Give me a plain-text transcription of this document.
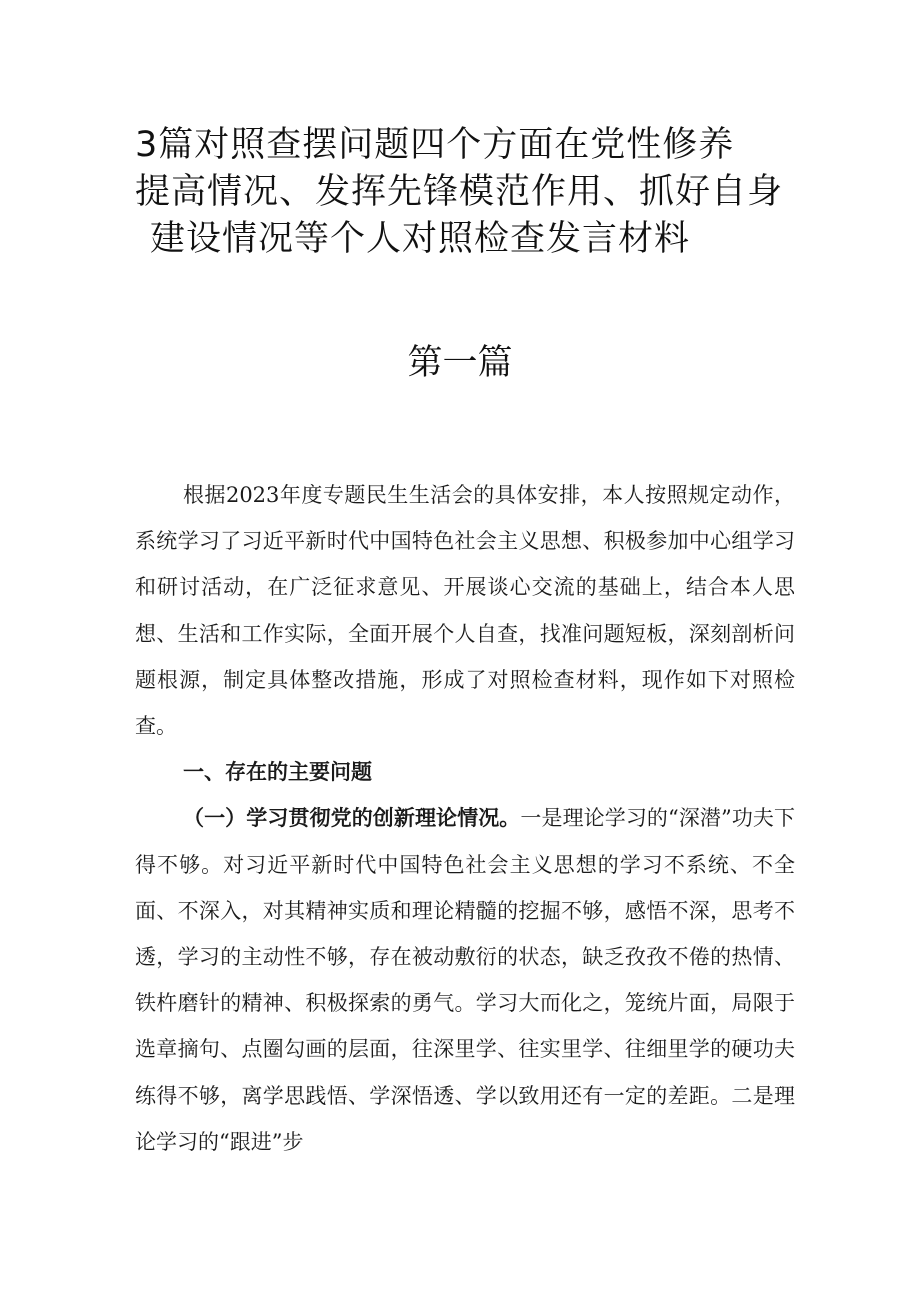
3篇对照查摆问题四个方面在党性修养
提高情况、发挥先锋模范作用、抓好自身
建设情况等个人对照检查发言材料
第一篇

根据2023年度专题民生生活会的具体安排，本人按照规定动作，系统学习了习近平新时代中国特色社会主义思想、积极参加中心组学习和研讨活动，在广泛征求意见、开展谈心交流的基础上，结合本人思想、生活和工作实际，全面开展个人自查，找准问题短板，深刻剖析问题根源，制定具体整改措施，形成了对照检查材料，现作如下对照检查。

一、存在的主要问题

（一）学习贯彻党的创新理论情况。一是理论学习的“深潜”功夫下得不够。对习近平新时代中国特色社会主义思想的学习不系统、不全面、不深入，对其精神实质和理论精髓的挖掘不够，感悟不深，思考不透，学习的主动性不够，存在被动敷衍的状态，缺乏孜孜不倦的热情、铁杵磨针的精神、积极探索的勇气。学习大而化之，笼统片面，局限于选章摘句、点圈勾画的层面，往深里学、往实里学、往细里学的硬功夫练得不够，离学思践悟、学深悟透、学以致用还有一定的差距。二是理论学习的“跟进”步
